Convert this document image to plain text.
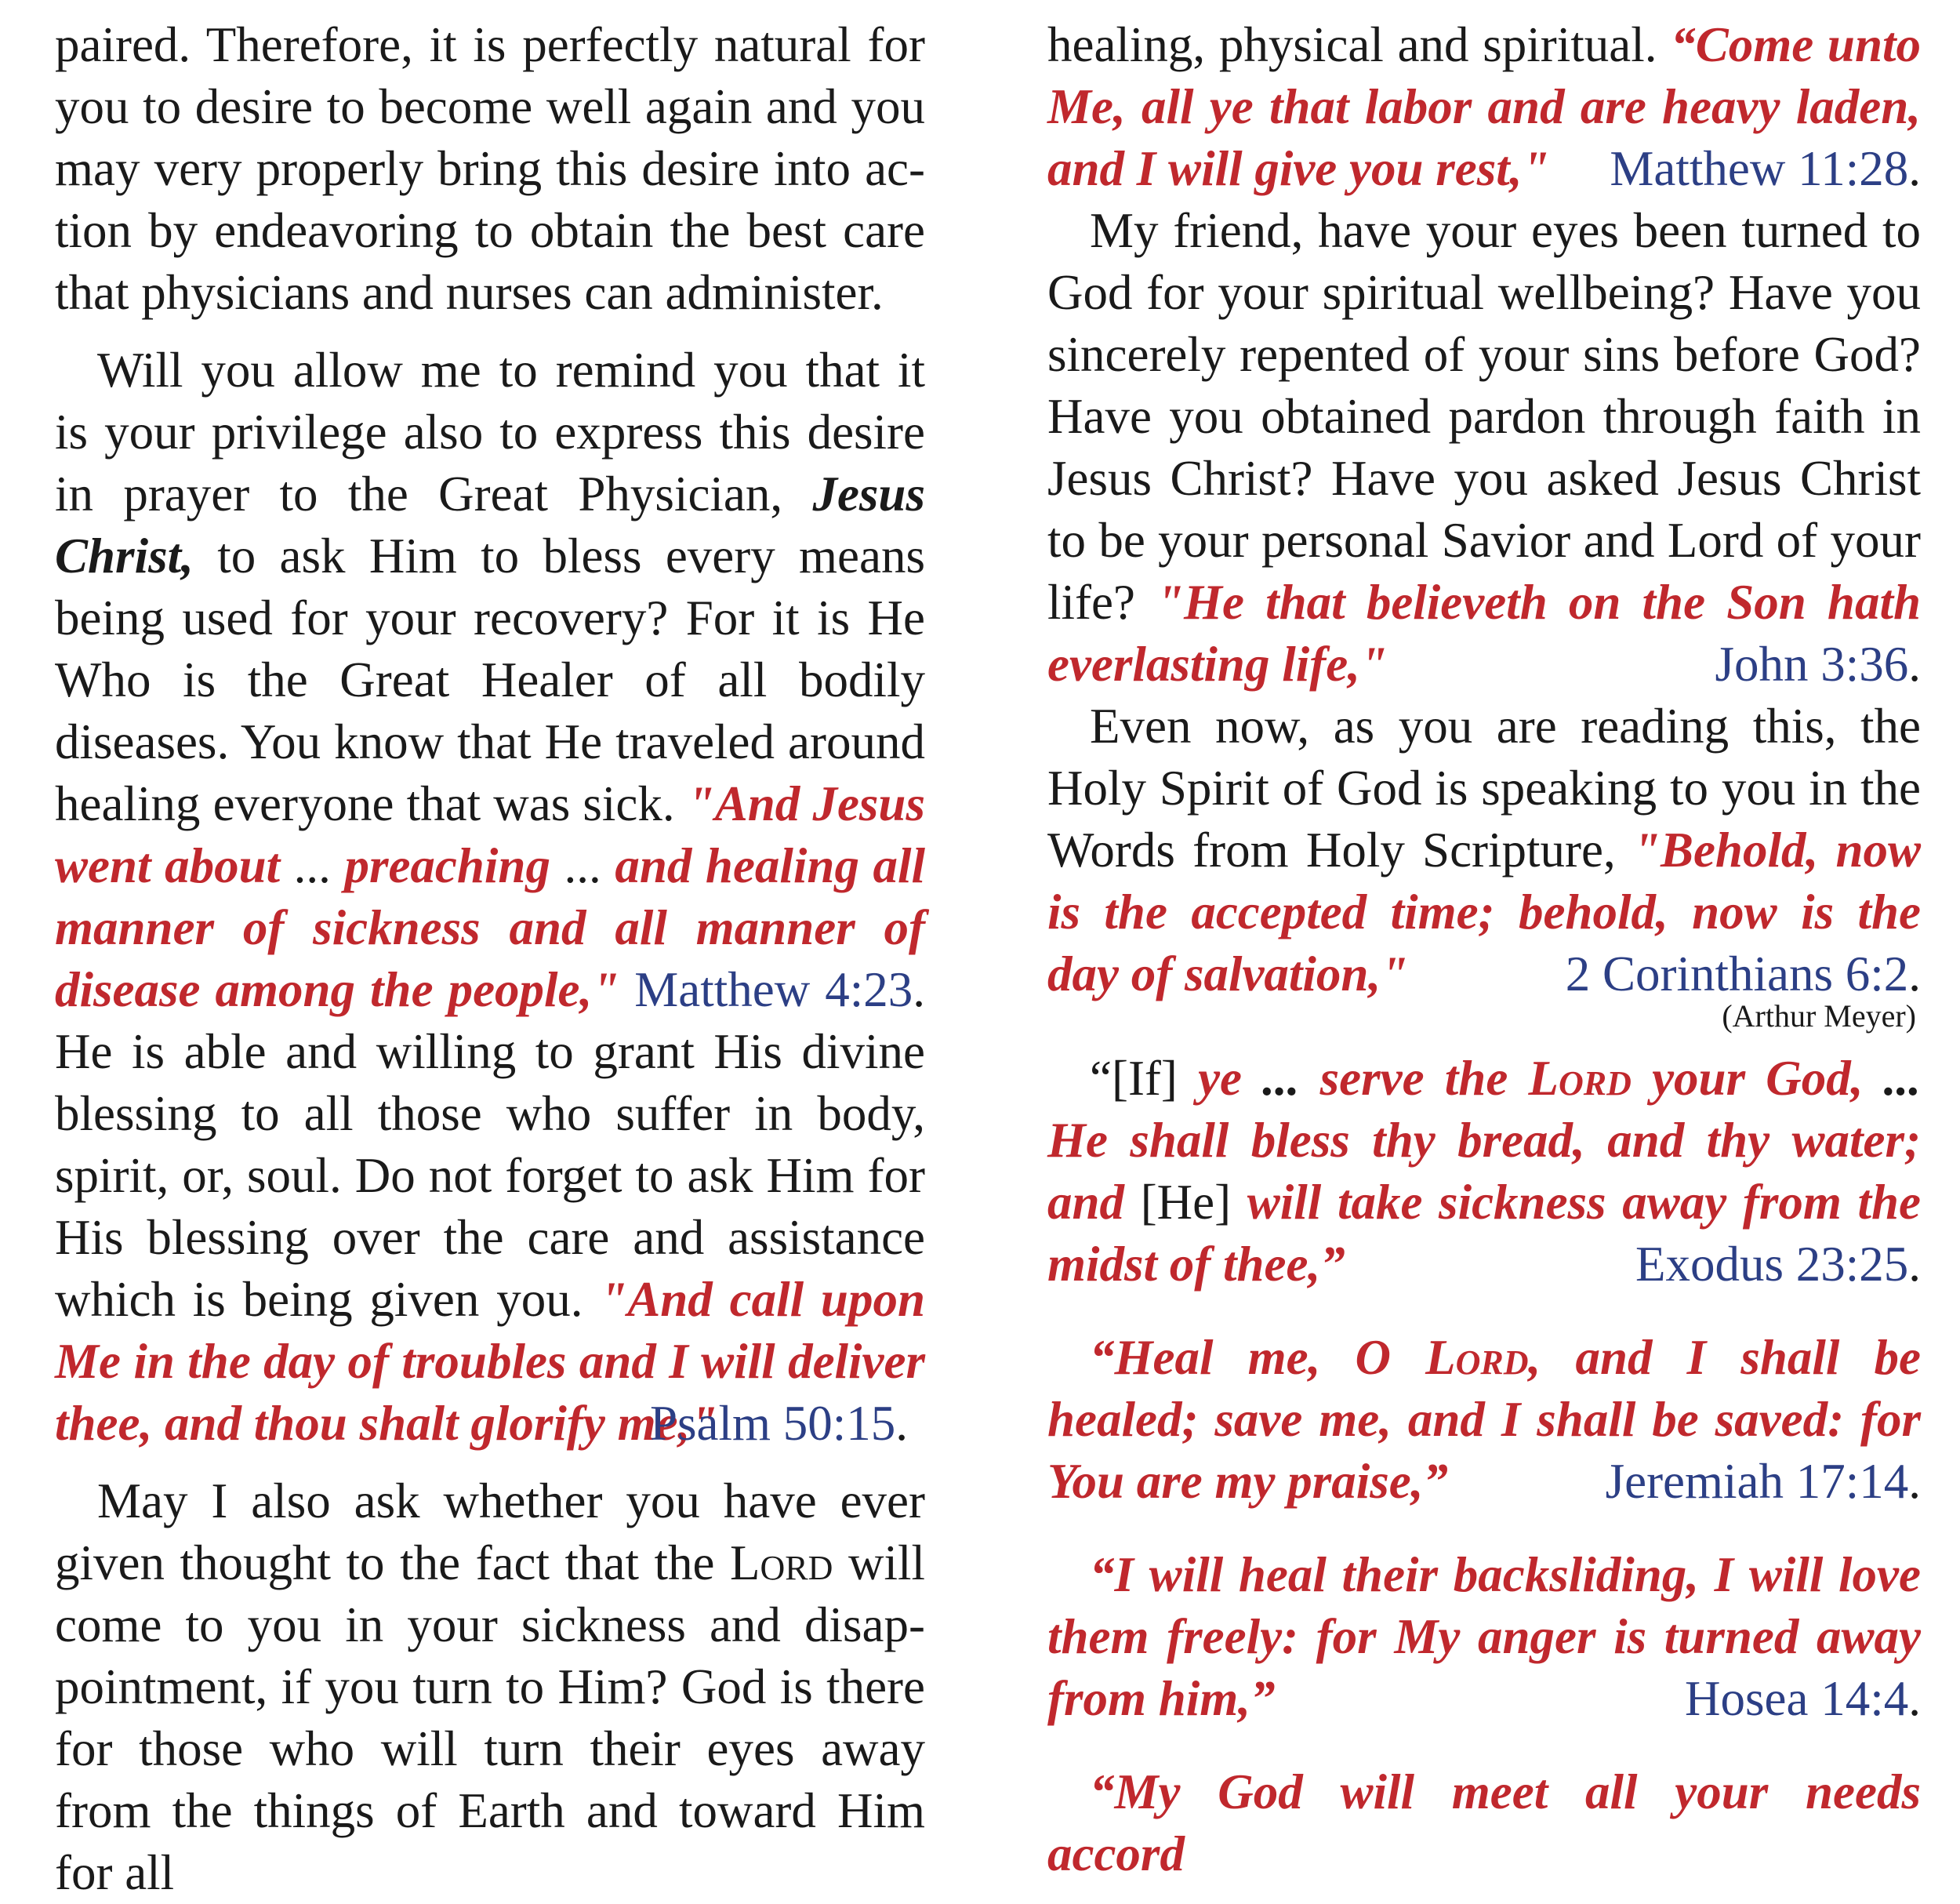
paired. Therefore, it is perfectly natural for you to desire to become well again and you may very properly bring this desire into action by endeavoring to obtain the best care that physicians and nurses can administer.

Will you allow me to remind you that it is your privilege also to express this desire in prayer to the Great Physician, Jesus Christ, to ask Him to bless every means being used for your recovery? For it is He Who is the Great Healer of all bodily diseases. You know that He traveled around healing everyone that was sick. "And Jesus went about ... preaching ... and healing all manner of sickness and all manner of disease among the people," Matthew 4:23. He is able and willing to grant His divine blessing to all those who suffer in body, spirit, or, soul. Do not forget to ask Him for His blessing over the care and assistance which is being given you. "And call upon Me in the day of troubles and I will deliver thee, and thou shalt glorify me,"

Psalm 50:15.

May I also ask whether you have ever given thought to the fact that the Lord will come to you in your sickness and disappointment, if you turn to Him? God is there for those who will turn their eyes away from the things of Earth and toward Him for all

healing, physical and spiritual. “Come unto Me, all ye that labor and are heavy laden, and I will give you rest,"	Matthew 11:28.

My friend, have your eyes been turned to God for your spiritual wellbeing? Have you sincerely repented of your sins before God? Have you obtained pardon through faith in Jesus Christ? Have you asked Jesus Christ to be your personal Savior and Lord of your life? "He that believeth on the Son hath everlasting life,"	John 3:36.

Even now, as you are reading this, the Holy Spirit of God is speaking to you in the Words from Holy Scripture, "Behold, now is the accepted time; behold, now is the day of salvation,"	2 Corinthians 6:2.
(Arthur Meyer)

“[If] ye ... serve the Lord your God, ... He shall bless thy bread, and thy water; and [He] will take sickness away from the midst of thee,”	Exodus 23:25.

“Heal me, O Lord, and I shall be healed; save me, and I shall be saved: for You are my praise,”	Jeremiah 17:14.

“I will heal their backsliding, I will love them freely: for My anger is turned away from him,”	Hosea 14:4.

“My God will meet all your needs accord
